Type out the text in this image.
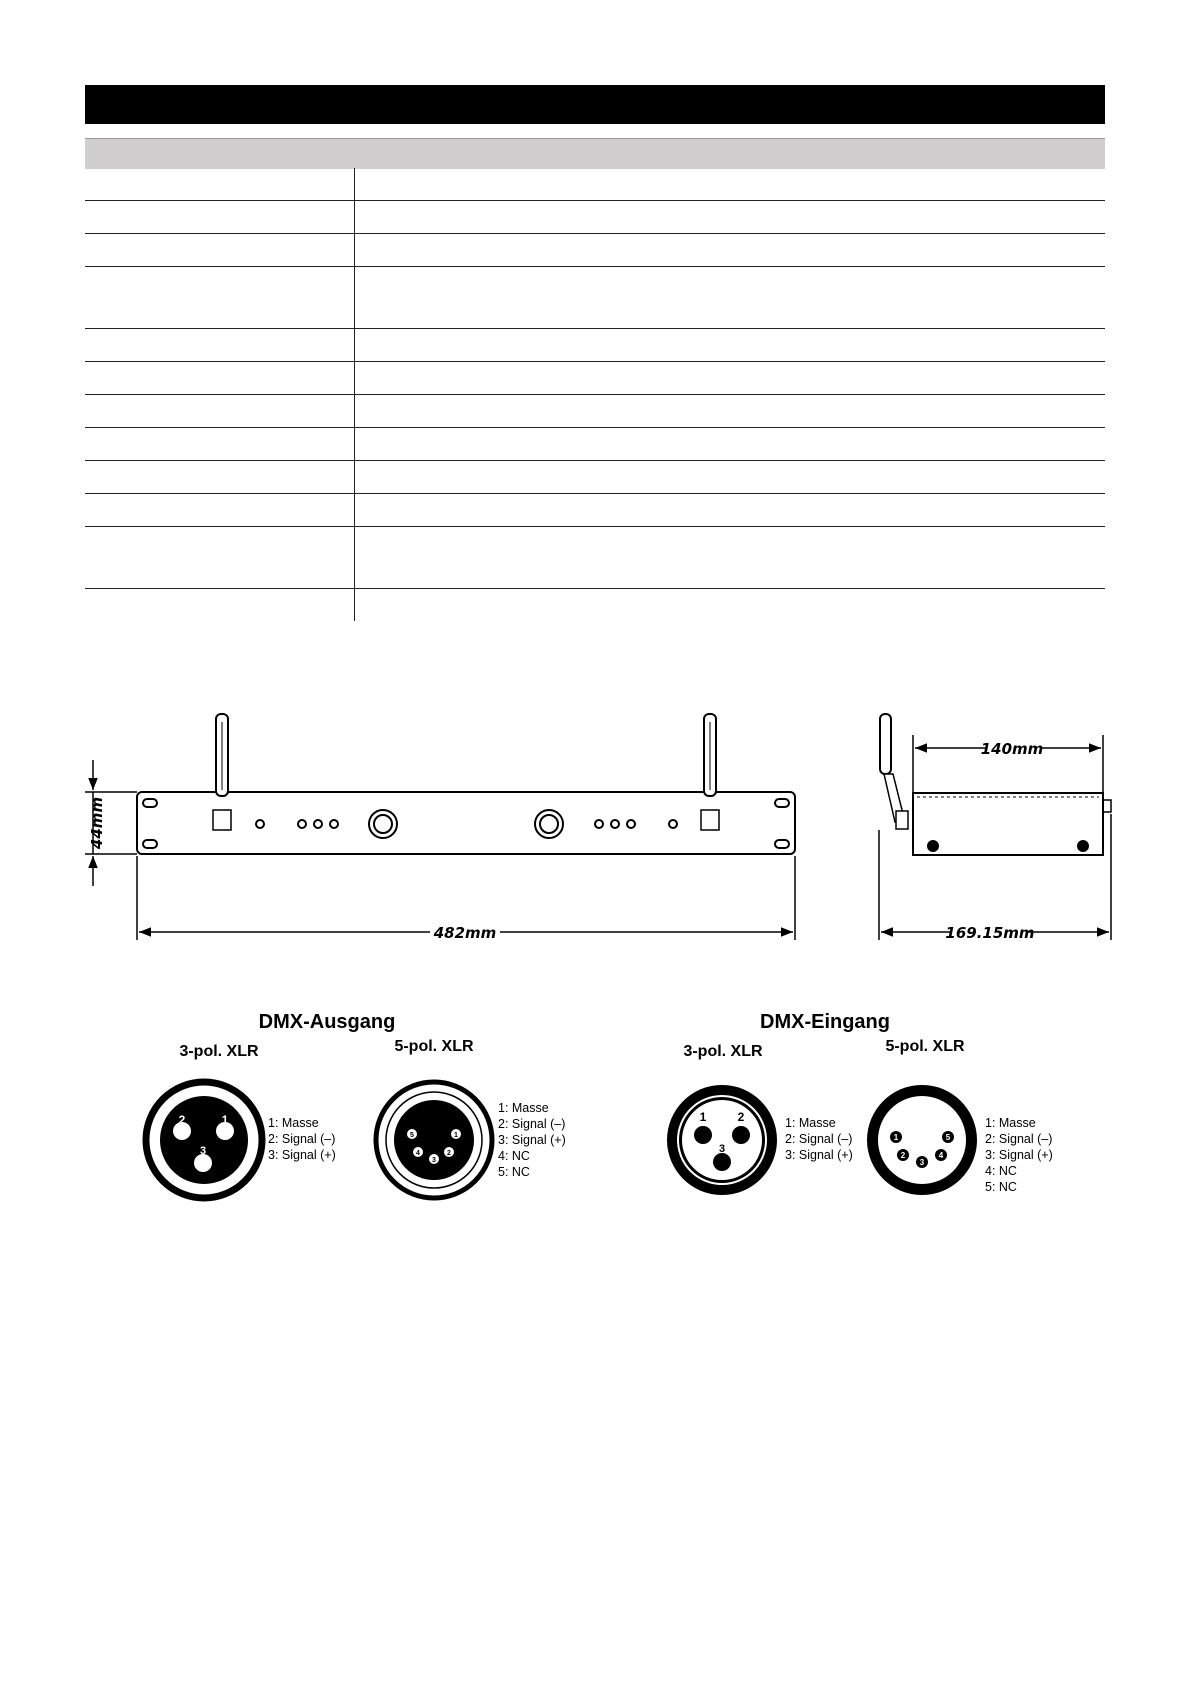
44mm
482mm
140mm
169.15mm
DMX-Ausgang
3-pol. XLR	5-pol. XLR
2	1
3
1: Masse
2: Signal (–)
3: Signal (+)
5	1
4	2
3
1: Masse
2: Signal (–)
3: Signal (+)
4: NC
5: NC
DMX-Eingang
3-pol. XLR	5-pol. XLR
1	2
3
1: Masse
2: Signal (–)
3: Signal (+)
1	5
2	4
3
1: Masse
2: Signal (–)
3: Signal (+)
4: NC
5: NC
